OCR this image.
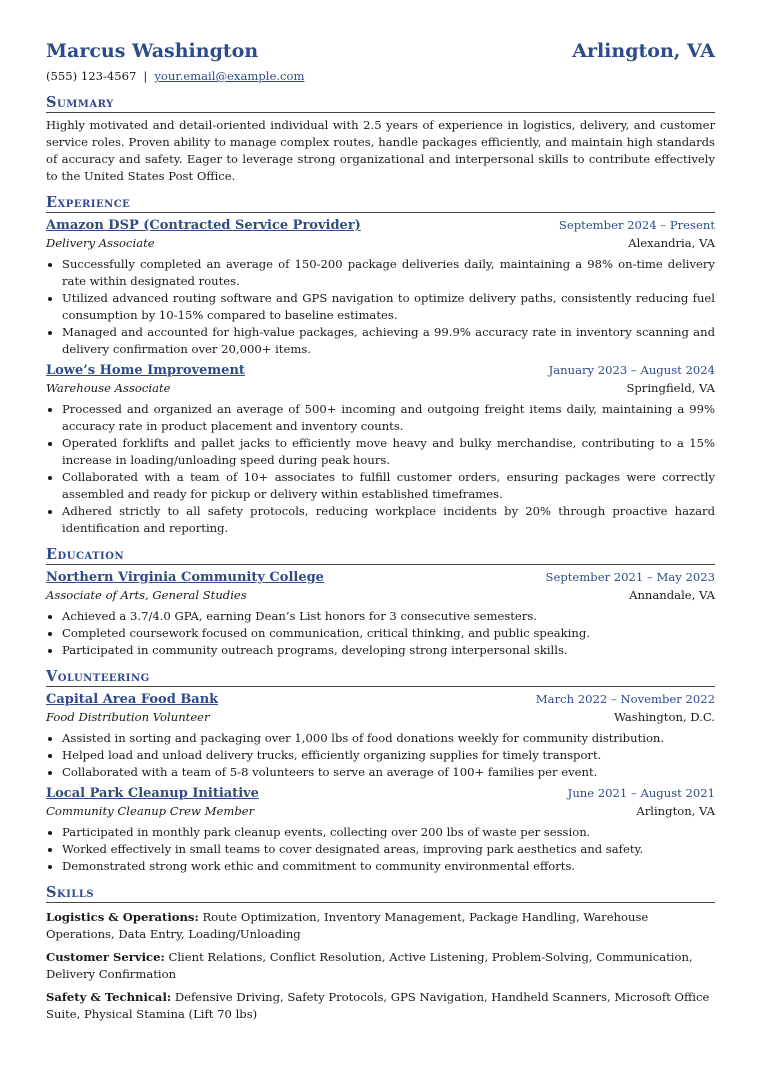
Marcus Washington	Arlington, VA
(555) 123-4567 | your.email@example.com
Summary
Highly motivated and detail-oriented individual with 2.5 years of experience in logistics, delivery, and customer service roles. Proven ability to manage complex routes, handle packages efficiently, and maintain high standards of accuracy and safety. Eager to leverage strong organizational and interpersonal skills to contribute effectively to the United States Post Office.
Experience
Amazon DSP (Contracted Service Provider)	September 2024 – Present
Delivery Associate	Alexandria, VA
• Successfully completed an average of 150-200 package deliveries daily, maintaining a 98% on-time delivery rate within designated routes.
• Utilized advanced routing software and GPS navigation to optimize delivery paths, consistently reducing fuel consumption by 10-15% compared to baseline estimates.
• Managed and accounted for high-value packages, achieving a 99.9% accuracy rate in inventory scanning and delivery confirmation over 20,000+ items.
Lowe’s Home Improvement	January 2023 – August 2024
Warehouse Associate	Springfield, VA
• Processed and organized an average of 500+ incoming and outgoing freight items daily, maintaining a 99% accuracy rate in product placement and inventory counts.
• Operated forklifts and pallet jacks to efficiently move heavy and bulky merchandise, contributing to a 15% increase in loading/unloading speed during peak hours.
• Collaborated with a team of 10+ associates to fulfill customer orders, ensuring packages were correctly assembled and ready for pickup or delivery within established timeframes.
• Adhered strictly to all safety protocols, reducing workplace incidents by 20% through proactive hazard identification and reporting.
Education
Northern Virginia Community College	September 2021 – May 2023
Associate of Arts, General Studies	Annandale, VA
• Achieved a 3.7/4.0 GPA, earning Dean’s List honors for 3 consecutive semesters.
• Completed coursework focused on communication, critical thinking, and public speaking.
• Participated in community outreach programs, developing strong interpersonal skills.
Volunteering
Capital Area Food Bank	March 2022 – November 2022
Food Distribution Volunteer	Washington, D.C.
• Assisted in sorting and packaging over 1,000 lbs of food donations weekly for community distribution.
• Helped load and unload delivery trucks, efficiently organizing supplies for timely transport.
• Collaborated with a team of 5-8 volunteers to serve an average of 100+ families per event.
Local Park Cleanup Initiative	June 2021 – August 2021
Community Cleanup Crew Member	Arlington, VA
• Participated in monthly park cleanup events, collecting over 200 lbs of waste per session.
• Worked effectively in small teams to cover designated areas, improving park aesthetics and safety.
• Demonstrated strong work ethic and commitment to community environmental efforts.
Skills
Logistics & Operations: Route Optimization, Inventory Management, Package Handling, Warehouse Operations, Data Entry, Loading/Unloading
Customer Service: Client Relations, Conflict Resolution, Active Listening, Problem-Solving, Communication, Delivery Confirmation
Safety & Technical: Defensive Driving, Safety Protocols, GPS Navigation, Handheld Scanners, Microsoft Office Suite, Physical Stamina (Lift 70 lbs)
